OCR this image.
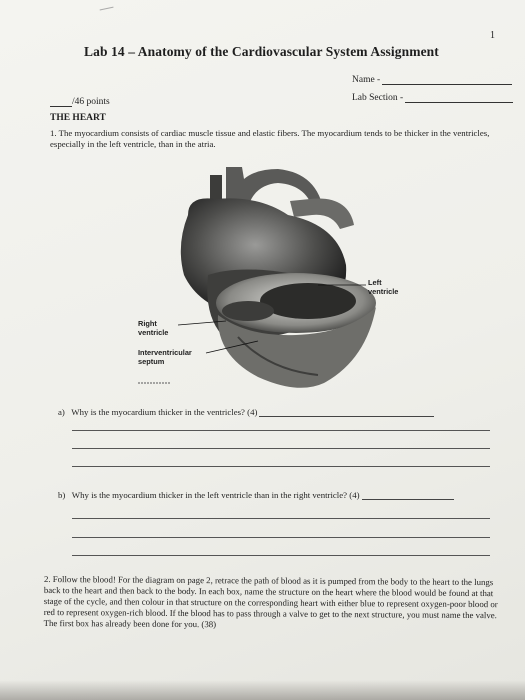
1
Lab 14 – Anatomy of the Cardiovascular System Assignment
Name -
Lab Section -
/46 points
THE HEART
1. The myocardium consists of cardiac muscle tissue and elastic fibers. The myocardium tends to be thicker in the ventricles, especially in the left ventricle, than in the atria.
Left
ventricle
Right
ventricle
Interventricular
septum
a)   Why is the myocardium thicker in the ventricles? (4)
b)   Why is the myocardium thicker in the left ventricle than in the right ventricle? (4)
2. Follow the blood! For the diagram on page 2, retrace the path of blood as it is pumped from the body to the heart to the lungs back to the heart and then back to the body. In each box, name the structure on the heart where the blood would be found at that stage of the cycle, and then colour in that structure on the corresponding heart with either blue to represent oxygen-poor blood or red to represent oxygen-rich blood. If the blood has to pass through a valve to get to the next structure, you must name the valve. The first box has already been done for you. (38)
